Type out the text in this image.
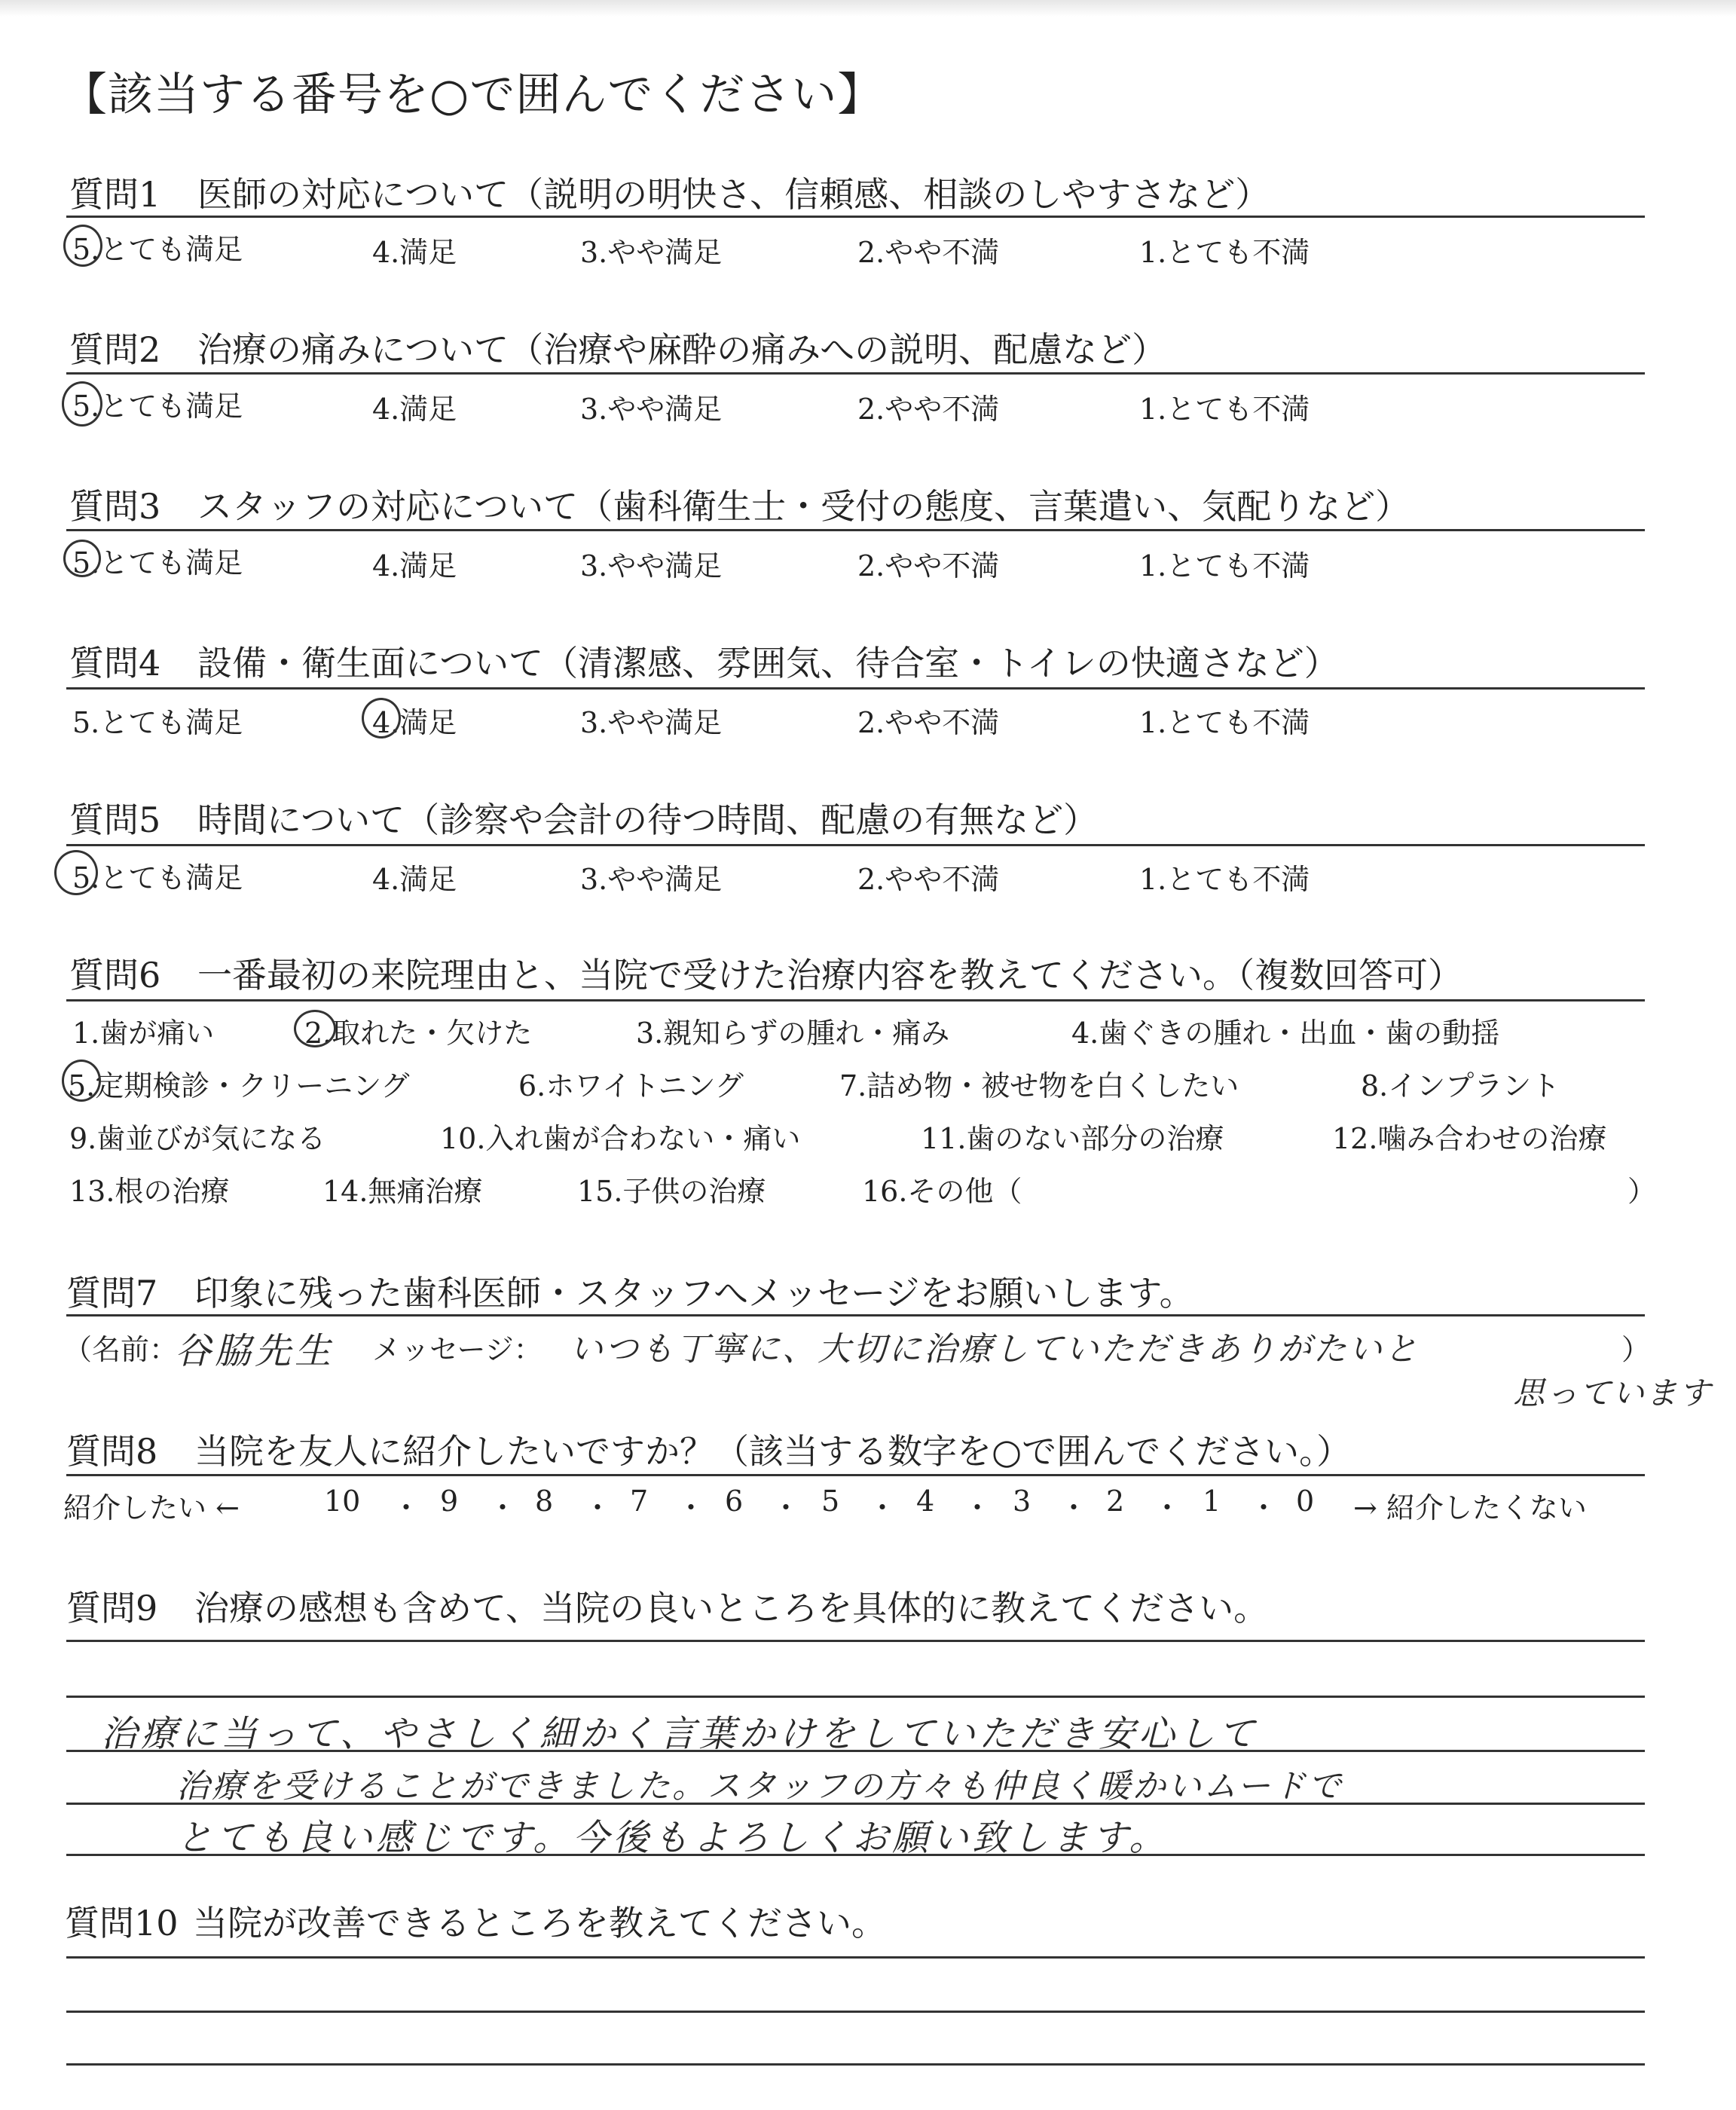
【該当する番号を○で囲んでください】
質問1 医師の対応について（説明の明快さ、信頼感、相談のしやすさなど）
5.とても満足	4.満足	3.やや満足	2.やや不満	1.とても不満
質問2 治療の痛みについて（治療や麻酔の痛みへの説明、配慮など）
5.とても満足	4.満足	3.やや満足	2.やや不満	1.とても不満
質問3 スタッフの対応について（歯科衛生士・受付の態度、言葉遣い、気配りなど）
5.とても満足	4.満足	3.やや満足	2.やや不満	1.とても不満
質問4 設備・衛生面について（清潔感、雰囲気、待合室・トイレの快適さなど）
5.とても満足	4.満足	3.やや満足	2.やや不満	1.とても不満
質問5 時間について（診察や会計の待つ時間、配慮の有無など）
5.とても満足	4.満足	3.やや満足	2.やや不満	1.とても不満
質問6 一番最初の来院理由と、当院で受けた治療内容を教えてください。（複数回答可）
1.歯が痛い	2.取れた・欠けた	3.親知らずの腫れ・痛み	4.歯ぐきの腫れ・出血・歯の動揺
5.定期検診・クリーニング	6.ホワイトニング	7.詰め物・被せ物を白くしたい	8.インプラント
9.歯並びが気になる	10.入れ歯が合わない・痛い	11.歯のない部分の治療	12.噛み合わせの治療
13.根の治療	14.無痛治療	15.子供の治療	16.その他（	）
質問7 印象に残った歯科医師・スタッフへメッセージをお願いします。
（名前：
谷脇先生 メッセージ： いつも丁寧に、大切に治療していただきありがたいと	）
思っています
質問8 当院を友人に紹介したいですか？（該当する数字を○で囲んでください。）
紹介したい ←	→ 紹介したくない
10 ・ 9 ・ 8 ・ 7 ・ 6 ・ 5 ・ 4 ・ 3 ・ 2 ・ 1 ・ 0
質問9 治療の感想も含めて、当院の良いところを具体的に教えてください。
治療に当って、やさしく細かく言葉かけをしていただき安心して
治療を受けることができました。スタッフの方々も仲良く暖かいムードで
とても良い感じです。今後もよろしくお願い致します。
質問10 当院が改善できるところを教えてください。
